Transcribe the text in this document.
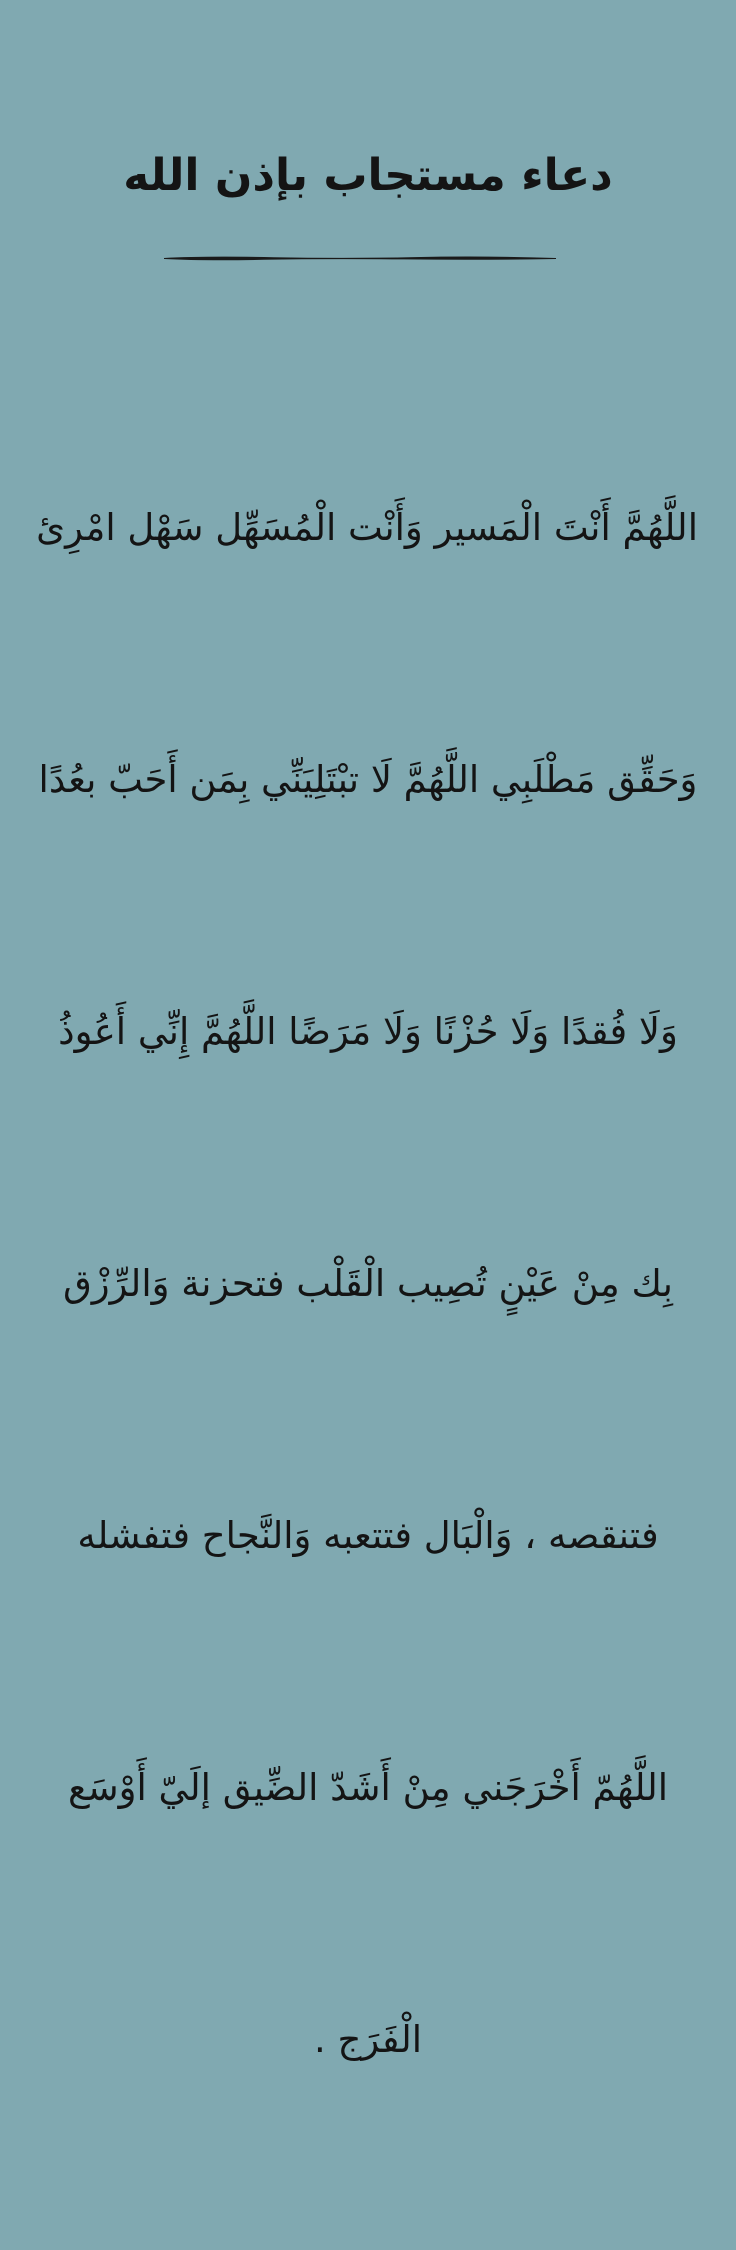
دعاء مستجاب بإذن الله

اللَّهُمَّ أَنْتَ الْمَسير وَأَنْت الْمُسَهِّل سَهْل امْرِئ

وَحَقِّق مَطْلَبِي اللَّهُمَّ لَا تبْتَلِيَنِّي بِمَن أَحَبّ بعُدًا

وَلَا فُقدًا وَلَا حُزْنًا وَلَا مَرَضًا اللَّهُمَّ إِنِّي أَعُوذُ

بِك مِنْ عَيْنٍ تُصِيب الْقَلْب فتحزنة وَالرِّزْق

فتنقصه ، وَالْبَال فتتعبه وَالنَّجاح فتفشله

اللَّهُمّ أَخْرَجَني مِنْ أَشَدّ الضِّيق إلَيّ أَوْسَع

الْفَرَج .
